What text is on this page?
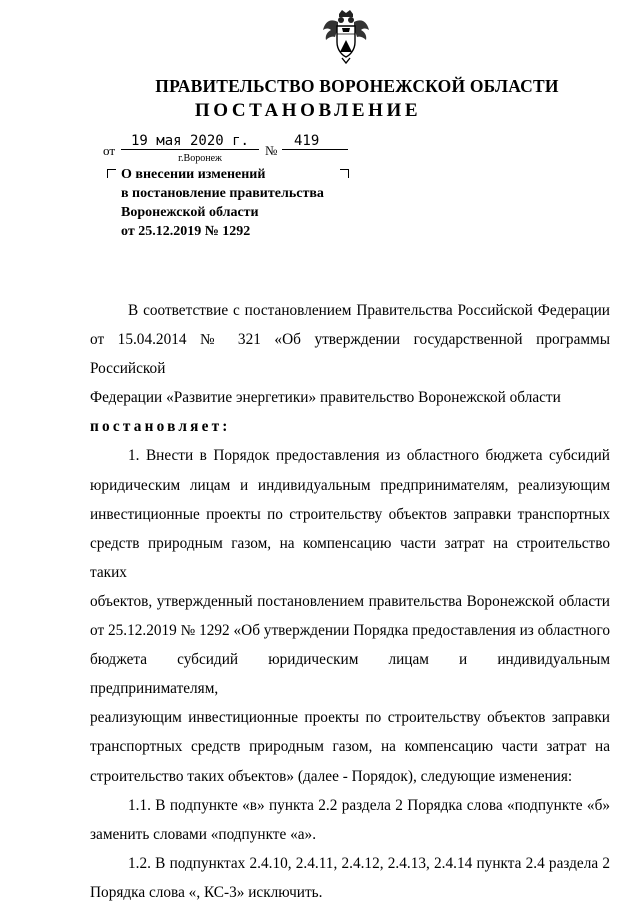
ПРАВИТЕЛЬСТВО ВОРОНЕЖСКОЙ ОБЛАСТИ
ПОСТАНОВЛЕНИЕ
от
19 мая 2020 г.
№
419
г.Воронеж
О внесении изменений
в постановление правительства
Воронежской области
от 25.12.2019 № 1292

В соответствие с постановлением Правительства Российской Федерации

от 15.04.2014 № 321 «Об утверждении государственной программы Российской

Федерации «Развитие энергетики» правительство Воронежской области

постановляет:

1. Внести в Порядок предоставления из областного бюджета субсидий

юридическим лицам и индивидуальным предпринимателям, реализующим

инвестиционные проекты по строительству объектов заправки транспортных

средств природным газом, на компенсацию части затрат на строительство таких

объектов, утвержденный постановлением правительства Воронежской области

от 25.12.2019 № 1292 «Об утверждении Порядка предоставления из областного

бюджета субсидий юридическим лицам и индивидуальным предпринимателям,

реализующим инвестиционные проекты по строительству объектов заправки

транспортных средств природным газом, на компенсацию части затрат на

строительство таких объектов» (далее - Порядок), следующие изменения:

1.1. В подпункте «в» пункта 2.2 раздела 2 Порядка слова «подпункте «б»

заменить словами «подпункте «а».

1.2. В подпунктах 2.4.10, 2.4.11, 2.4.12, 2.4.13, 2.4.14 пункта 2.4 раздела 2

Порядка слова «, КС-3» исключить.
